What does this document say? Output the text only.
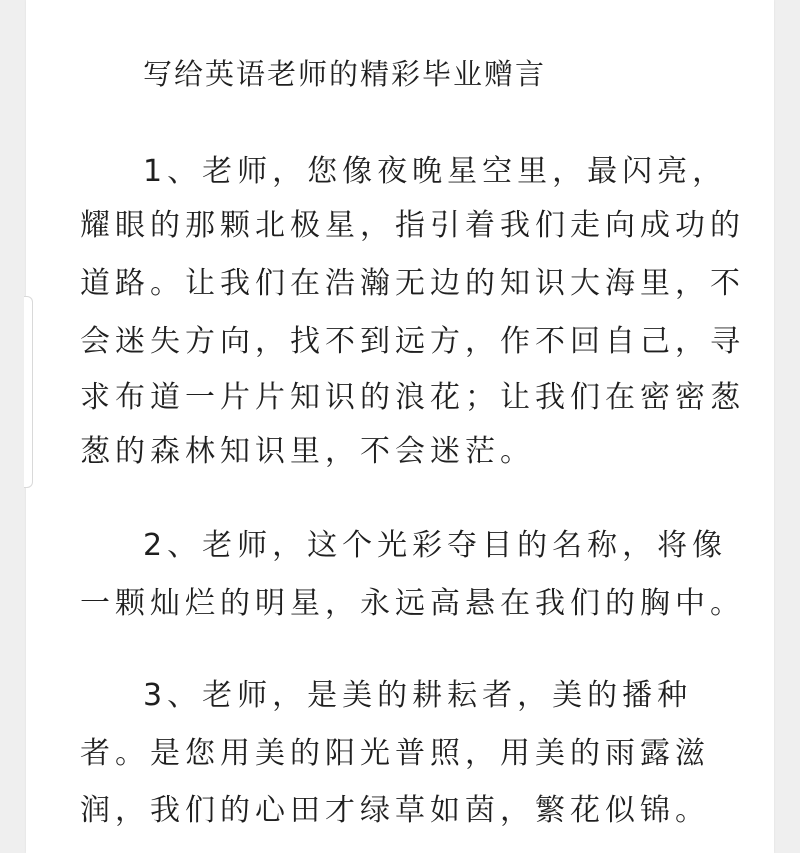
写给英语老师的精彩毕业赠言
1、老师，您像夜晚星空里，最闪亮，
耀眼的那颗北极星，指引着我们走向成功的
道路。让我们在浩瀚无边的知识大海里，不
会迷失方向，找不到远方，作不回自己，寻
求布道一片片知识的浪花；让我们在密密葱
葱的森林知识里，不会迷茫。
2、老师，这个光彩夺目的名称，将像
一颗灿烂的明星，永远高悬在我们的胸中。
3、老师，是美的耕耘者，美的播种
者。是您用美的阳光普照，用美的雨露滋
润，我们的心田才绿草如茵，繁花似锦。
